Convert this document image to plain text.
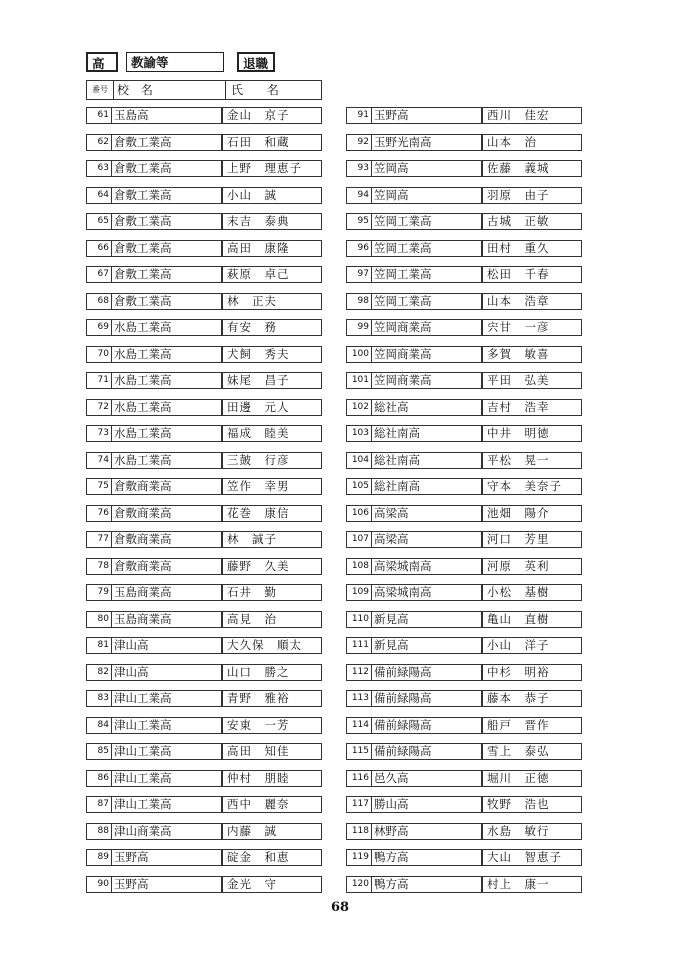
高	教諭等	退職
番号 校 名	氏 名
61 玉島高	金山　京子
62 倉敷工業高	石田　和蔵
63 倉敷工業高	上野　理恵子
64 倉敷工業高	小山　誠
65 倉敷工業高	末吉　泰典
66 倉敷工業高	高田　康隆
67 倉敷工業高	萩原　卓己
68 倉敷工業高	林　正夫
69 水島工業高	有安　務
70 水島工業高	犬飼　秀夫
71 水島工業高	妹尾　昌子
72 水島工業高	田邊　元人
73 水島工業高	福成　睦美
74 水島工業高	三皷　行彦
75 倉敷商業高	笠作　幸男
76 倉敷商業高	花巻　康信
77 倉敷商業高	林　誠子
78 倉敷商業高	藤野　久美
79 玉島商業高	石井　勤
80 玉島商業高	高見　治
81 津山高	大久保　順太
82 津山高	山口　勝之
83 津山工業高	青野　雅裕
84 津山工業高	安東　一芳
85 津山工業高	高田　知佳
86 津山工業高	仲村　朋睦
87 津山工業高	西中　麗奈
88 津山商業高	内藤　誠
89 玉野高	碇金　和恵
90 玉野高	金光　守
91 玉野高	西川　佳宏
92 玉野光南高	山本　治
93 笠岡高	佐藤　義城
94 笠岡高	羽原　由子
95 笠岡工業高	古城　正敏
96 笠岡工業高	田村　重久
97 笠岡工業高	松田　千春
98 笠岡工業高	山本　浩章
99 笠岡商業高	宍甘　一彦
100 笠岡商業高	多賀　敏喜
101 笠岡商業高	平田　弘美
102 総社高	吉村　浩幸
103 総社南高	中井　明徳
104 総社南高	平松　晃一
105 総社南高	守本　美奈子
106 高梁高	池畑　陽介
107 高梁高	河口　芳里
108 高梁城南高	河原　英利
109 高梁城南高	小松　基樹
110 新見高	亀山　直樹
111 新見高	小山　洋子
112 備前緑陽高	中杉　明裕
113 備前緑陽高	藤本　恭子
114 備前緑陽高	船戸　晋作
115 備前緑陽高	雪上　泰弘
116 邑久高	堀川　正徳
117 勝山高	牧野　浩也
118 林野高	水島　敏行
119 鴨方高	大山　智恵子
120 鴨方高	村上　康一
68
